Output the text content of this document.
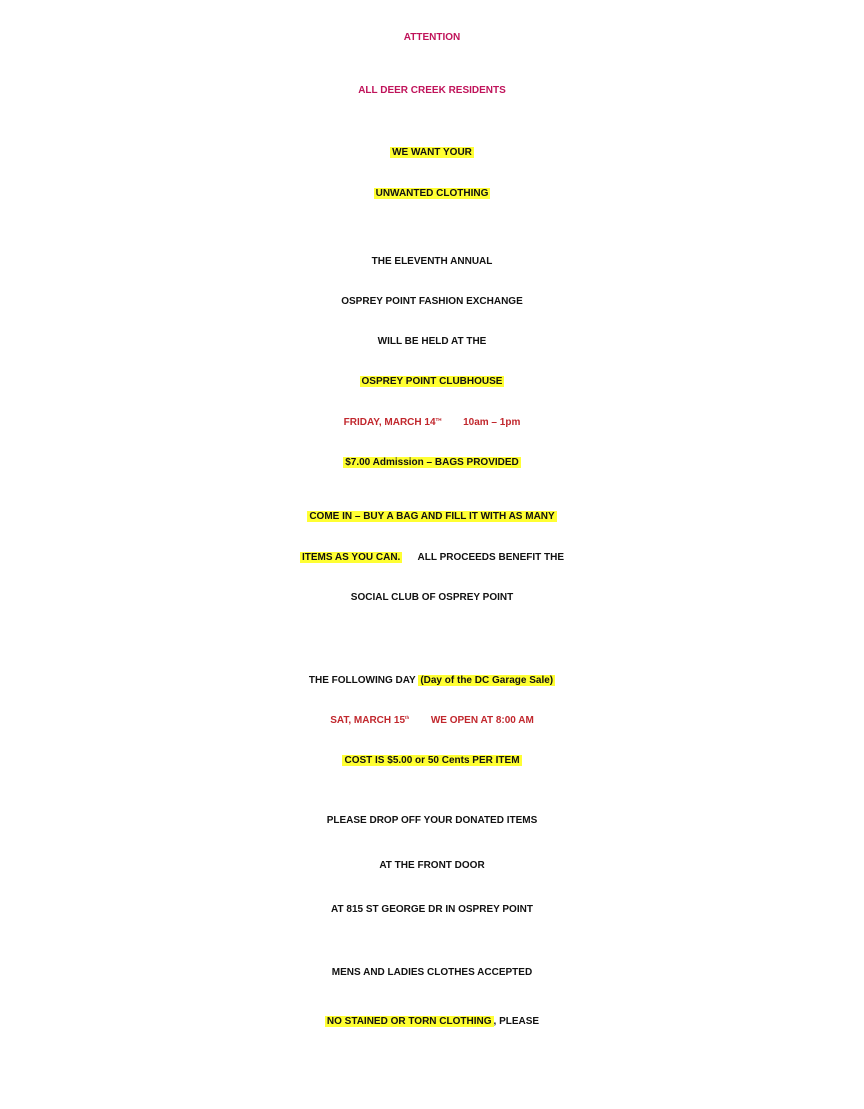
ATTENTION
ALL DEER CREEK RESIDENTS
WE WANT YOUR
UNWANTED CLOTHING
THE ELEVENTH ANNUAL
OSPREY POINT FASHION EXCHANGE
WILL BE HELD AT THE
OSPREY POINT CLUBHOUSE
FRIDAY, MARCH 14TH 10am – 1pm
$7.00 Admission – BAGS PROVIDED
COME IN – BUY A BAG AND FILL IT WITH AS MANY
ITEMS AS YOU CAN. ALL PROCEEDS BENEFIT THE
SOCIAL CLUB OF OSPREY POINT
THE FOLLOWING DAY (Day of the DC Garage Sale)
SAT, MARCH 15th WE OPEN AT 8:00 AM
COST IS $5.00 or 50 Cents PER ITEM
PLEASE DROP OFF YOUR DONATED ITEMS
AT THE FRONT DOOR
AT 815 ST GEORGE DR IN OSPREY POINT
MENS AND LADIES CLOTHES ACCEPTED
NO STAINED OR TORN CLOTHING , PLEASE
